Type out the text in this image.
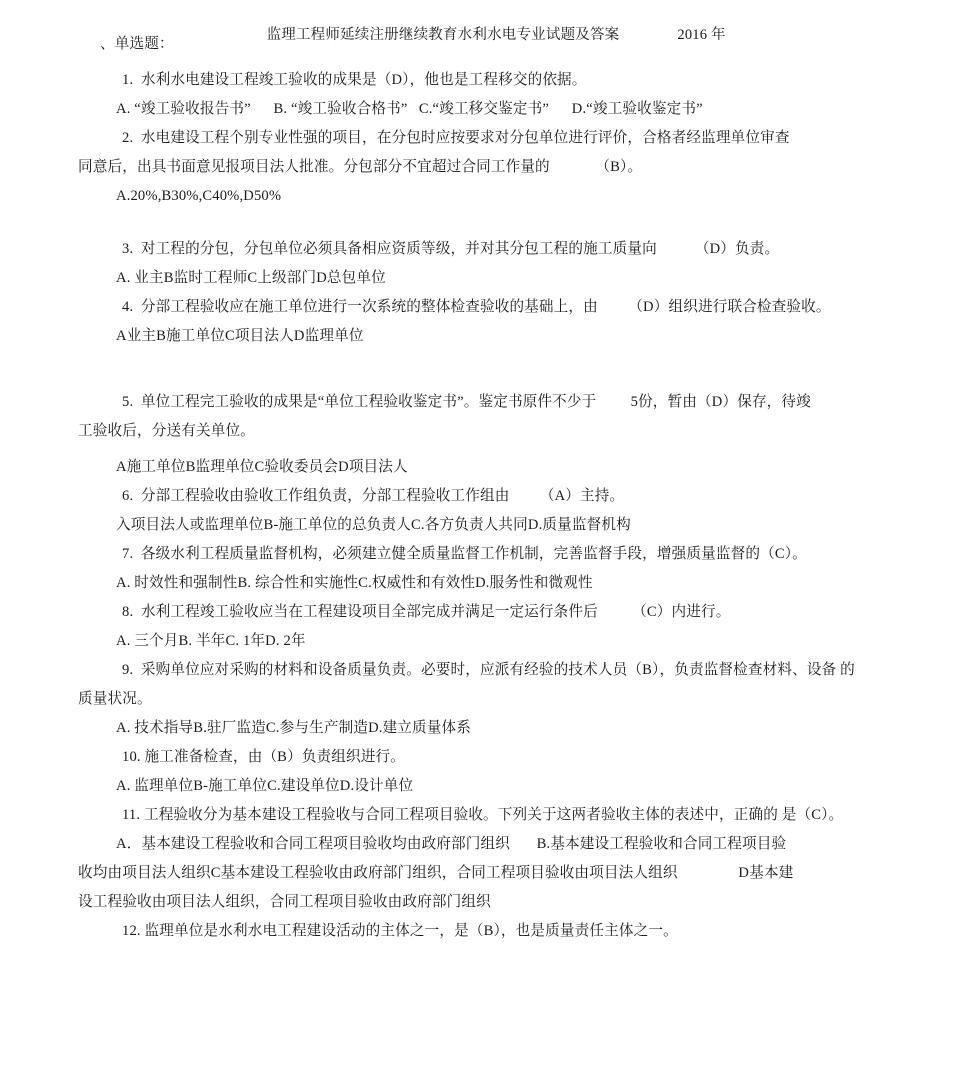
监理工程师延续注册继续教育水利水电专业试题及答案	2016 年

、单选题：
1.  水利水电建设工程竣工验收的成果是（D），他也是工程移交的依据。
A. “竣工验收报告书”      B. “竣工验收合格书”   C.“竣工移交鉴定书”      D.“竣工验收鉴定书”
2.  水电建设工程个别专业性强的项目，在分包时应按要求对分包单位进行评价，合格者经监理单位审查
同意后，出具书面意见报项目法人批准。分包部分不宜超过合同工作量的            （B）。
A.20%,B30%,C40%,D50%
3.  对工程的分包，分包单位必须具备相应资质等级，并对其分包工程的施工质量向          （D）负责。
A. 业主B监时工程师C上级部门D总包单位
4.  分部工程验收应在施工单位进行一次系统的整体检查验收的基础上，由        （D）组织进行联合检查验收。
A业主B施工单位C项目法人D监理单位
5.  单位工程完工验收的成果是“单位工程验收鉴定书”。鉴定书原件不少于         5份，暂由（D）保存，待竣
工验收后，分送有关单位。
A施工单位B监理单位C验收委员会D项目法人
6.  分部工程验收由验收工作组负责，分部工程验收工作组由        （A）主持。
入项目法人或监理单位B-施工单位的总负责人C.各方负责人共同D.质量监督机构
7.  各级水利工程质量监督机构，必须建立健全质量监督工作机制，完善监督手段，增强质量监督的（C）。
A. 时效性和强制性B. 综合性和实施性C.权威性和有效性D.服务性和微观性
8.  水利工程竣工验收应当在工程建设项目全部完成并满足一定运行条件后         （C）内进行。
A. 三个月B. 半年C. 1年D. 2年
9.  采购单位应对采购的材料和设备质量负责。必要时，应派有经验的技术人员（B），负责监督检查材料、设备 的
质量状况。
A. 技术指导B.驻厂监造C.参与生产制造D.建立质量体系
10. 施工准备检查，由（B）负责组织进行。
A. 监理单位B-施工单位C.建设单位D.设计单位
11. 工程验收分为基本建设工程验收与合同工程项目验收。下列关于这两者验收主体的表述中，正确的 是（C）。
A．基本建设工程验收和合同工程项目验收均由政府部门组织       B.基本建设工程验收和合同工程项目验
收均由项目法人组织C基本建设工程验收由政府部门组织，合同工程项目验收由项目法人组织                D基本建
设工程验收由项目法人组织，合同工程项目验收由政府部门组织
12. 监理单位是水利水电工程建设活动的主体之一，是（B），也是质量责任主体之一。
